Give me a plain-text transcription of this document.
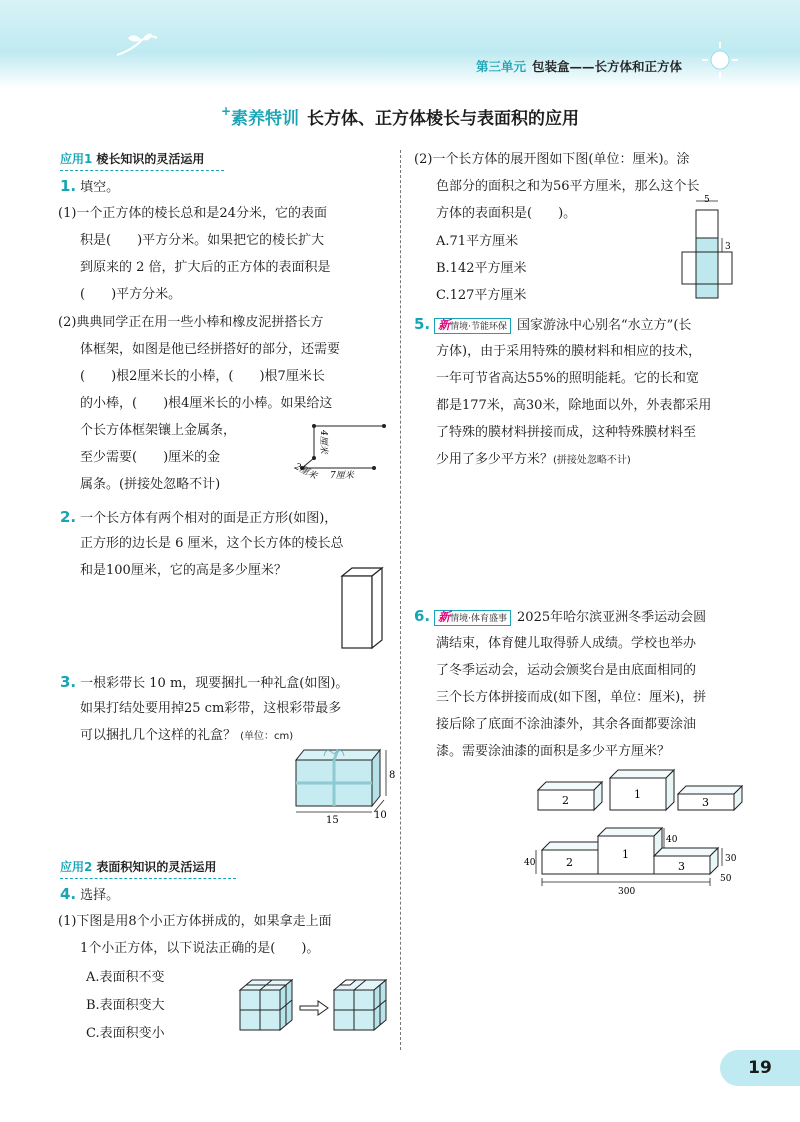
第三单元 包装盒——长方体和正方体
+素养特训 长方体、正方体棱长与表面积的应用
应用1 棱长知识的灵活运用
1. 填空。
(1)一个正方体的棱长总和是24分米，它的表面
积是(　　)平方分米。如果把它的棱长扩大
到原来的 2 倍，扩大后的正方体的表面积是
(　　)平方分米。
(2)典典同学正在用一些小棒和橡皮泥拼搭长方
体框架，如图是他已经拼搭好的部分，还需要
(　　)根2厘米长的小棒，(　　)根7厘米长
的小棒，(　　)根4厘米长的小棒。如果给这
个长方体框架镶上金属条，
至少需要(　　)厘米的金
属条。(拼接处忽略不计)
4厘米
2厘米 7厘米
2. 一个长方体有两个相对的面是正方形(如图)，
正方形的边长是 6 厘米，这个长方体的棱长总
和是100厘米，它的高是多少厘米？
3. 一根彩带长 10 m，现要捆扎一种礼盒(如图)。
如果打结处要用掉25 cm彩带，这根彩带最多
可以捆扎几个这样的礼盒？ (单位：cm)
8
15	10
应用2 表面积知识的灵活运用
4. 选择。
(1)下图是用8个小正方体拼成的，如果拿走上面
1个小正方体，以下说法正确的是(　　)。
A.表面积不变
B.表面积变大
C.表面积变小
(2)一个长方体的展开图如下图(单位：厘米)。涂
色部分的面积之和为56平方厘米，那么这个长
方体的表面积是(　　)。
A.71平方厘米
B.142平方厘米
C.127平方厘米
5
3
5. 新情境·节能环保 国家游泳中心别名“水立方”(长
方体)，由于采用特殊的膜材料和相应的技术，
一年可节省高达55%的照明能耗。它的长和宽
都是177米，高30米，除地面以外，外表都采用
了特殊的膜材料拼接而成，这种特殊膜材料至
少用了多少平方米？(拼接处忽略不计)
6. 新情境·体育盛事 2025年哈尔滨亚洲冬季运动会圆
满结束，体育健儿取得骄人成绩。学校也举办
了冬季运动会，运动会颁奖台是由底面相同的
三个长方体拼接而成(如下图，单位：厘米)，拼
接后除了底面不涂油漆外，其余各面都要涂油
漆。需要涂油漆的面积是多少平方厘米？
2	1
3
2
1
3
40
40
30
300
50
19
